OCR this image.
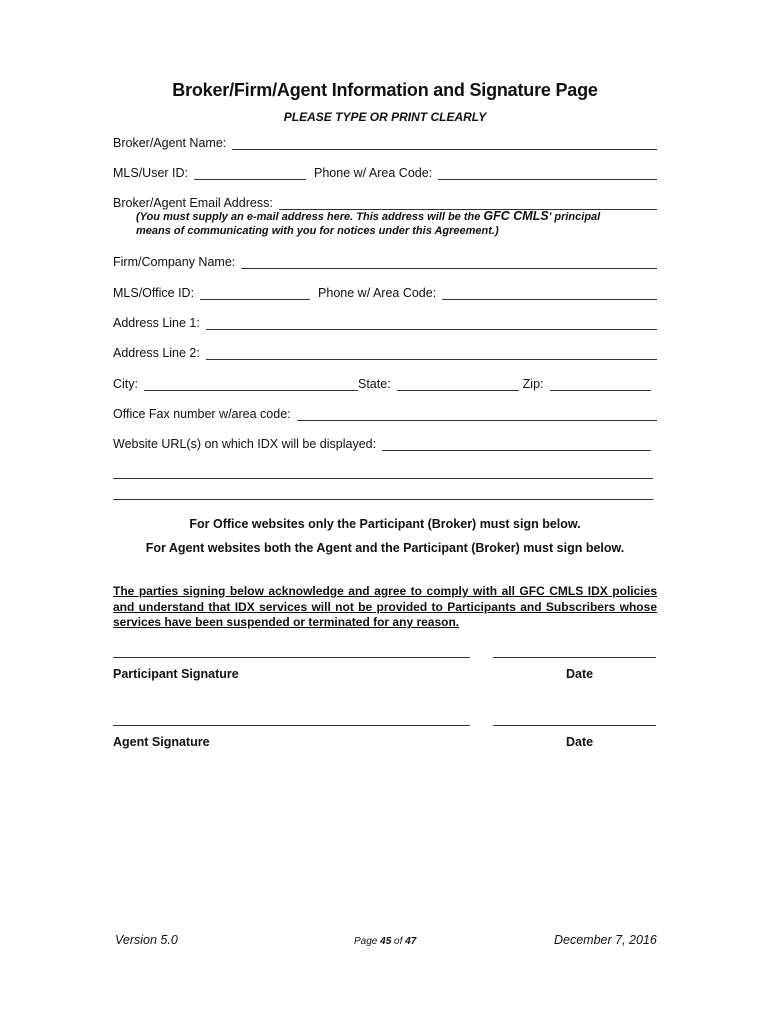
Broker/Firm/Agent Information and Signature Page
PLEASE TYPE OR PRINT CLEARLY
Broker/Agent Name:
MLS/User ID:	Phone w/ Area Code:
Broker/Agent Email Address:
(You must supply an e-mail address here. This address will be the GFC CMLS' principal
means of communicating with you for notices under this Agreement.)
Firm/Company Name:
MLS/Office ID:	Phone w/ Area Code:
Address Line 1:
Address Line 2:
City:	State:	Zip:
Office Fax number w/area code:
Website URL(s) on which IDX will be displayed:
For Office websites only the Participant (Broker) must sign below.
For Agent websites both the Agent and the Participant (Broker) must sign below.
The parties signing below acknowledge and agree to comply with all GFC CMLS IDX policies and understand that IDX services will not be provided to Participants and Subscribers whose services have been suspended or terminated for any reason.
Participant Signature	Date
Agent Signature	Date
Version 5.0	Page 45 of 47	December 7, 2016
